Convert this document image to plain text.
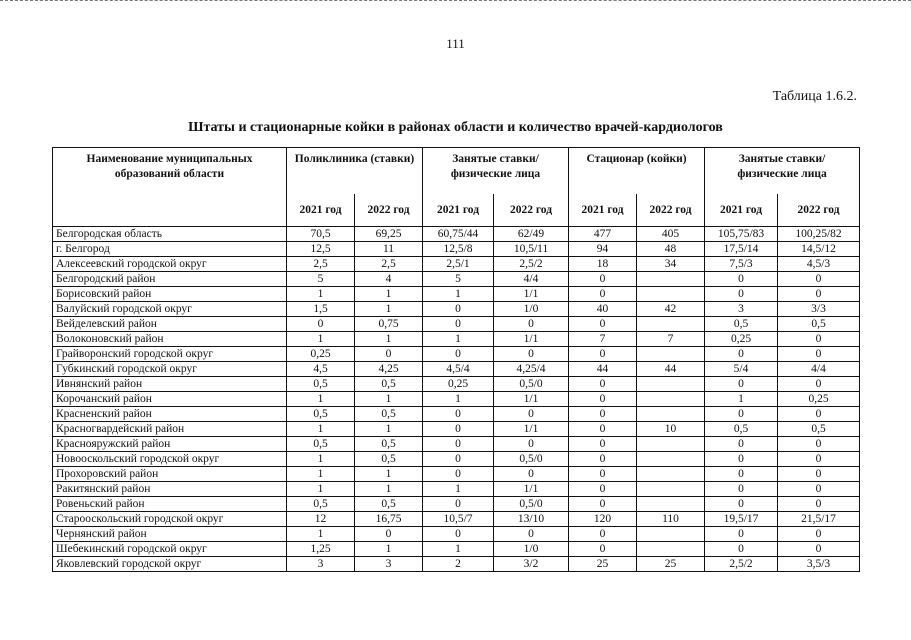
111
Таблица 1.6.2.
Штаты и стационарные койки в районах области и количество врачей-кардиологов
Наименование муниципальных образований области	Поликлиника (ставки)		Занятые ставки/ физические лица		Стационар (койки)		Занятые ставки/ физические лица	
	2021 год	2022 год	2021 год	2022 год	2021 год	2022 год	2021 год	2022 год
Белгородская область	70,5	69,25	60,75/44	62/49	477	405	105,75/83	100,25/82
г. Белгород	12,5	11	12,5/8	10,5/11	94	48	17,5/14	14,5/12
Алексеевский городской округ	2,5	2,5	2,5/1	2,5/2	18	34	7,5/3	4,5/3
Белгородский район	5	4	5	4/4	0		0	0
Борисовский район	1	1	1	1/1	0		0	0
Валуйский городской округ	1,5	1	0	1/0	40	42	3	3/3
Вейделевский район	0	0,75	0	0	0		0,5	0,5
Волоконовский район	1	1	1	1/1	7	7	0,25	0
Грайворонский городской округ	0,25	0	0	0	0		0	0
Губкинский городской округ	4,5	4,25	4,5/4	4,25/4	44	44	5/4	4/4
Ивнянский район	0,5	0,5	0,25	0,5/0	0		0	0
Корочанский район	1	1	1	1/1	0		1	0,25
Красненский район	0,5	0,5	0	0	0		0	0
Красногвардейский район	1	1	0	1/1	0	10	0,5	0,5
Краснояружский район	0,5	0,5	0	0	0		0	0
Новооскольский городской округ	1	0,5	0	0,5/0	0		0	0
Прохоровский район	1	1	0	0	0		0	0
Ракитянский район	1	1	1	1/1	0		0	0
Ровеньский район	0,5	0,5	0	0,5/0	0		0	0
Старооскольский городской округ	12	16,75	10,5/7	13/10	120	110	19,5/17	21,5/17
Чернянский район	1	0	0	0	0		0	0
Шебекинский городской округ	1,25	1	1	1/0	0		0	0
Яковлевский городской округ	3	3	2	3/2	25	25	2,5/2	3,5/3
